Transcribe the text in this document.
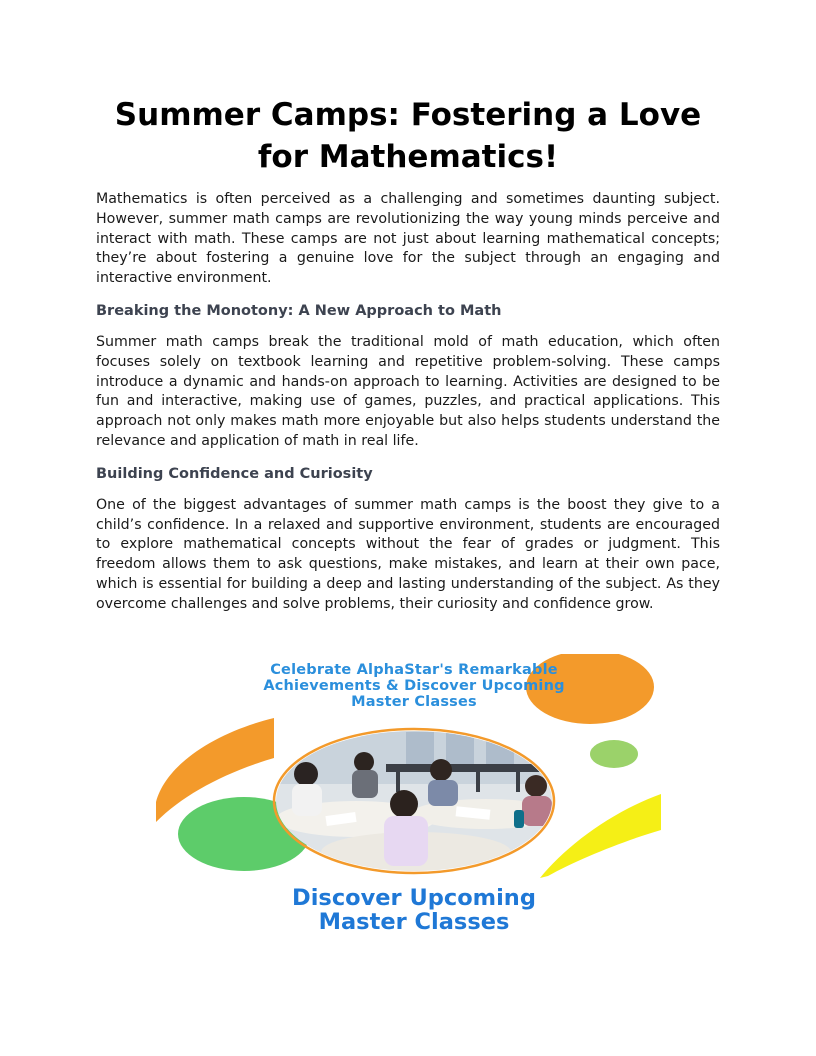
Summer Camps: Fostering a Love for Mathematics!

Mathematics is often perceived as a challenging and sometimes daunting subject. However, summer math camps are revolutionizing the way young minds perceive and interact with math. These camps are not just about learning mathematical concepts; they’re about fostering a genuine love for the subject through an engaging and interactive environment.

Breaking the Monotony: A New Approach to Math

Summer math camps break the traditional mold of math education, which often focuses solely on textbook learning and repetitive problem-solving. These camps introduce a dynamic and hands-on approach to learning. Activities are designed to be fun and interactive, making use of games, puzzles, and practical applications. This approach not only makes math more enjoyable but also helps students understand the relevance and application of math in real life.

Building Confidence and Curiosity

One of the biggest advantages of summer math camps is the boost they give to a child’s confidence. In a relaxed and supportive environment, students are encouraged to explore mathematical concepts without the fear of grades or judgment. This freedom allows them to ask questions, make mistakes, and learn at their own pace, which is essential for building a deep and lasting understanding of the subject. As they overcome challenges and solve problems, their curiosity and confidence grow.

Celebrate AlphaStar's Remarkable
Achievements & Discover Upcoming
Master Classes
Discover Upcoming
Master Classes
